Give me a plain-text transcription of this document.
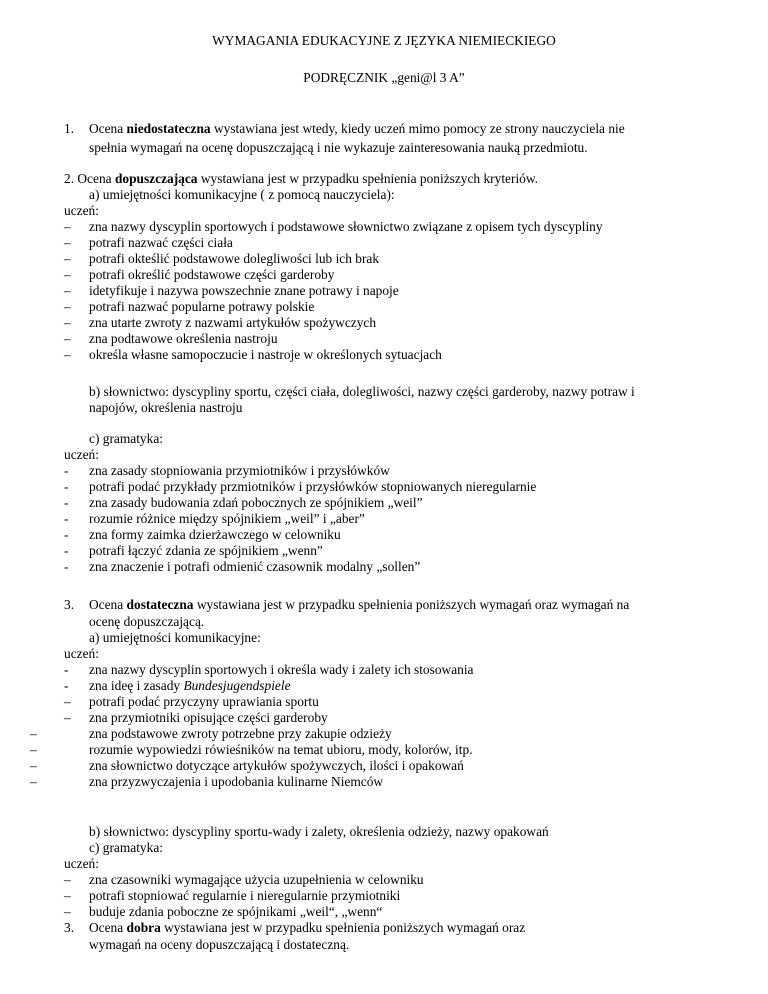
WYMAGANIA EDUKACYJNE Z JĘZYKA NIEMIECKIEGO
PODRĘCZNIK „geni@l 3 A”
1. Ocena niedostateczna wystawiana jest wtedy, kiedy uczeń mimo pomocy ze strony nauczyciela nie
spełnia wymagań na ocenę dopuszczającą i nie wykazuje zainteresowania nauką przedmiotu.
2. Ocena dopuszczająca wystawiana jest w przypadku spełnienia poniższych kryteriów.
a) umiejętności komunikacyjne ( z pomocą nauczyciela):
uczeń:
– zna nazwy dyscyplin sportowych i podstawowe słownictwo związane z opisem tych dyscypliny
– potrafi nazwać części ciała
– potrafi okteślić podstawowe dolegliwości lub ich brak
– potrafi określić podstawowe części garderoby
– idetyfikuje i nazywa powszechnie znane potrawy i napoje
– potrafi nazwać popularne potrawy polskie
– zna utarte zwroty z nazwami artykułów spożywczych
– zna podtawowe określenia nastroju
– określa własne samopoczucie i nastroje w określonych sytuacjach
b) słownictwo: dyscypliny sportu, części ciała, dolegliwości, nazwy części garderoby, nazwy potraw i
napojów, określenia nastroju
c) gramatyka:
uczeń:
- zna zasady stopniowania przymiotników i przysłówków
- potrafi podać przykłady przmiotników i przysłówków stopniowanych nieregularnie
- zna zasady budowania zdań pobocznych ze spójnikiem „weil”
- rozumie różnice między spójnikiem „weil” i „aber”
- zna formy zaimka dzierżawczego w celowniku
- potrafi łączyć zdania ze spójnikiem „wenn”
- zna znaczenie i potrafi odmienić czasownik modalny „sollen”
3. Ocena dostateczna wystawiana jest w przypadku spełnienia poniższych wymagań oraz wymagań na
ocenę dopuszczającą.
a) umiejętności komunikacyjne:
uczeń:
- zna nazwy dyscyplin sportowych i określa wady i zalety ich stosowania
- zna ideę i zasady Bundesjugendspiele
– potrafi podać przyczyny uprawiania sportu
– zna przymiotniki opisujące części garderoby
–	zna podstawowe zwroty potrzebne przy zakupie odzieży
–	rozumie wypowiedzi rówieśników na temat ubioru, mody, kolorów, itp.
–	zna słownictwo dotyczące artykułów spożywczych, ilości i opakowań
–	zna przyzwyczajenia i upodobania kulinarne Niemców
b) słownictwo: dyscypliny sportu-wady i zalety, określenia odzieży, nazwy opakowań
c) gramatyka:
uczeń:
– zna czasowniki wymagające użycia uzupełnienia w celowniku
– potrafi stopniować regularnie i nieregularnie przymiotniki
– buduje zdania poboczne ze spójnikami „weil“, „wenn“
3. Ocena dobra wystawiana jest w przypadku spełnienia poniższych wymagań oraz
wymagań na oceny dopuszczającą i dostateczną.
